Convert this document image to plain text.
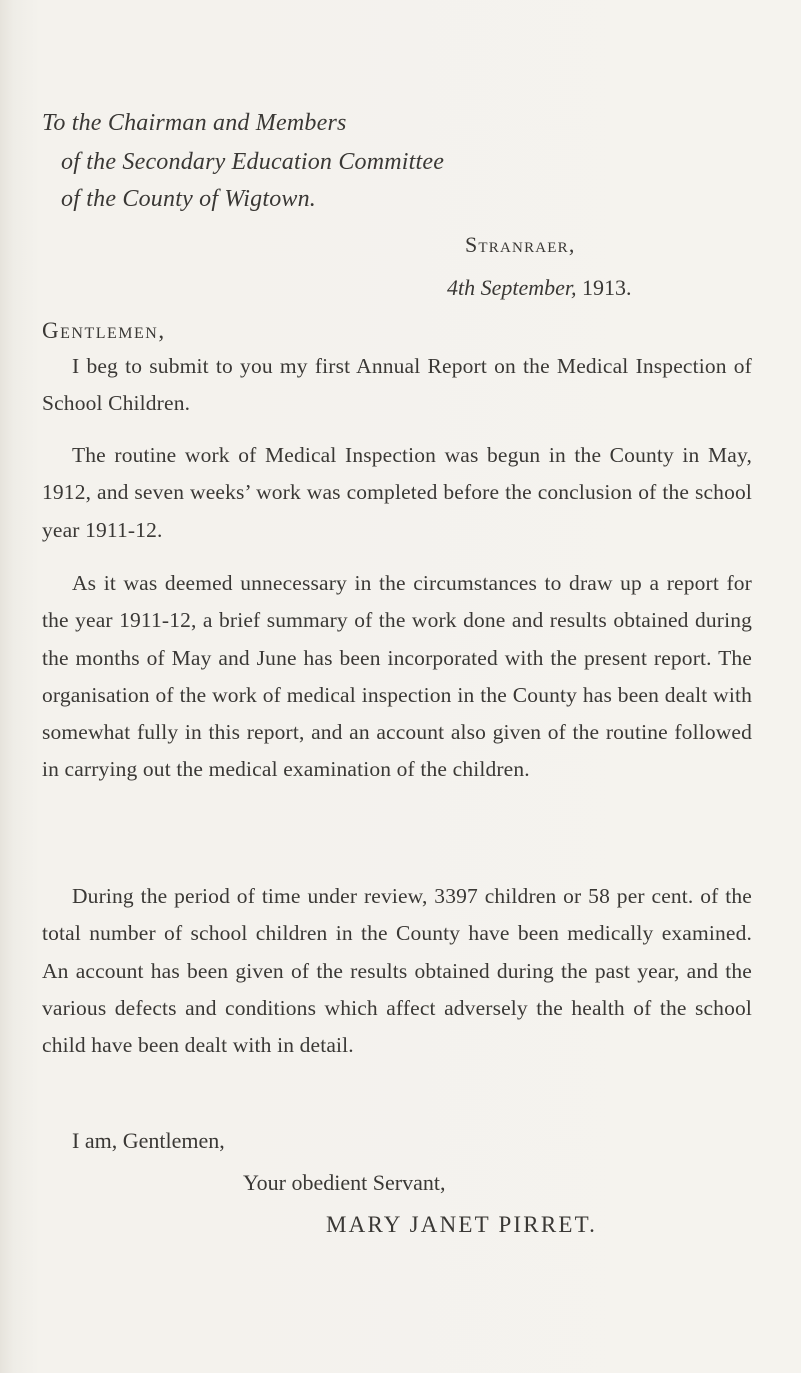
To the Chairman and Members
of the Secondary Education Committee
of the County of Wigtown.
Stranraer,
4th September, 1913.
Gentlemen,

I beg to submit to you my first Annual Report on the Medical Inspection of School Children.

The routine work of Medical Inspection was begun in the County in May, 1912, and seven weeks’ work was completed before the conclusion of the school year 1911-12.

As it was deemed unnecessary in the circumstances to draw up a report for the year 1911-12, a brief summary of the work done and results obtained during the months of May and June has been incorporated with the present report. The organisation of the work of medical inspection in the County has been dealt with somewhat fully in this report, and an account also given of the routine followed in carrying out the medical examination of the children.

During the period of time under review, 3397 children or 58 per cent. of the total number of school children in the County have been medically examined. An account has been given of the results obtained during the past year, and the various defects and conditions which affect adversely the health of the school child have been dealt with in detail.

I am, Gentlemen,
Your obedient Servant,
MARY JANET PIRRET.
